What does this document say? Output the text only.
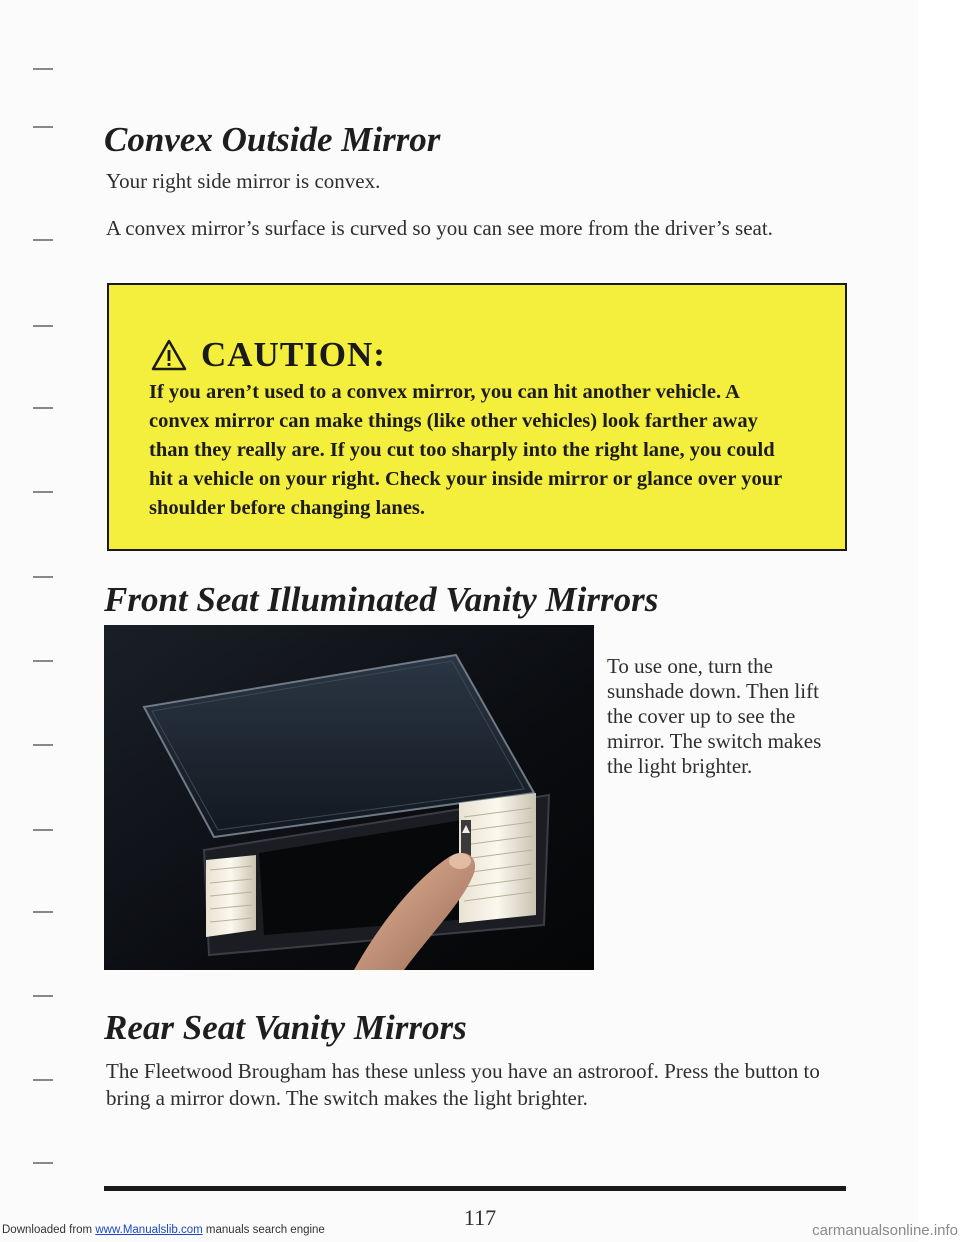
Convex Outside Mirror

Your right side mirror is convex.

A convex mirror’s surface is curved so you can see more from the driver’s seat.

CAUTION:

If you aren’t used to a convex mirror, you can hit another vehicle. A convex mirror can make things (like other vehicles) look farther away than they really are. If you cut too sharply into the right lane, you could hit a vehicle on your right. Check your inside mirror or glance over your shoulder before changing lanes.

Front Seat Illuminated Vanity Mirrors

To use one, turn the sunshade down. Then lift the cover up to see the mirror. The switch makes the light brighter.

Rear Seat Vanity Mirrors

The Fleetwood Brougham has these unless you have an astroroof. Press the button to bring a mirror down. The switch makes the light brighter.

117
Downloaded from www.Manualslib.com manuals search engine	carmanualsonline.info
